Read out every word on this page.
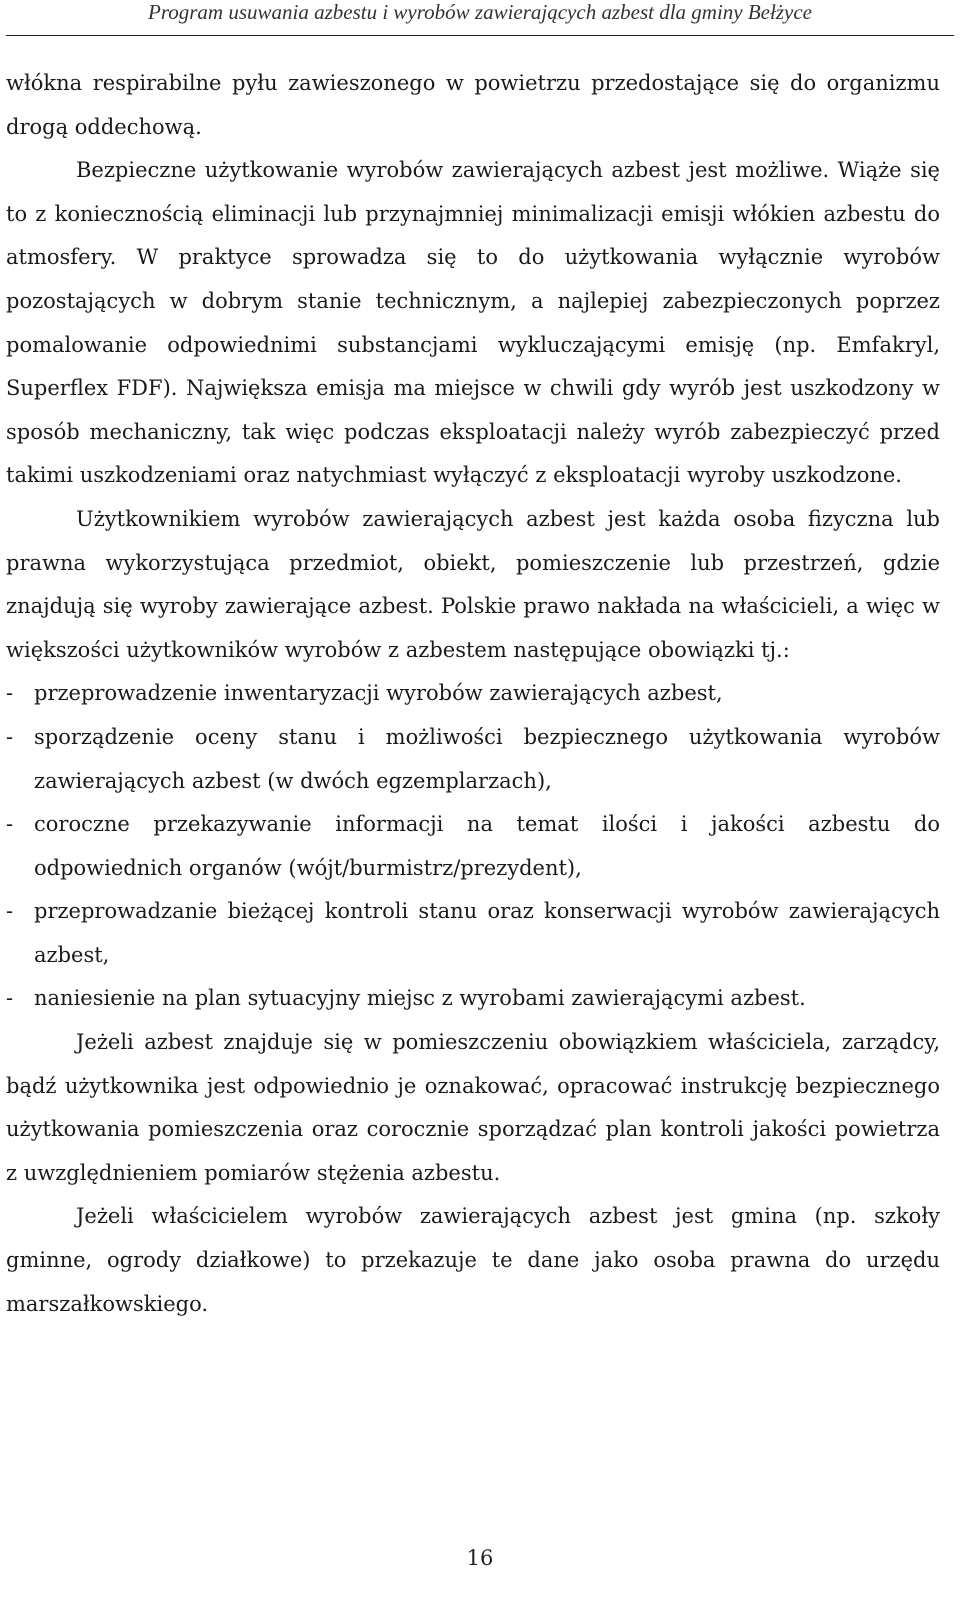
Program usuwania azbestu i wyrobów zawierających azbest dla gminy Bełżyce

włókna respirabilne pyłu zawieszonego w powietrzu przedostające się do organizmu drogą oddechową.

Bezpieczne użytkowanie wyrobów zawierających azbest jest możliwe. Wiąże się to z koniecznością eliminacji lub przynajmniej minimalizacji emisji włókien azbestu do atmosfery. W praktyce sprowadza się to do użytkowania wyłącznie wyrobów pozostających w dobrym stanie technicznym, a najlepiej zabezpieczonych poprzez pomalowanie odpowiednimi substancjami wykluczającymi emisję (np. Emfakryl, Superflex FDF). Największa emisja ma miejsce w chwili gdy wyrób jest uszkodzony w sposób mechaniczny, tak więc podczas eksploatacji należy wyrób zabezpieczyć przed takimi uszkodzeniami oraz natychmiast wyłączyć z eksploatacji wyroby uszkodzone.

Użytkownikiem wyrobów zawierających azbest jest każda osoba fizyczna lub prawna wykorzystująca przedmiot, obiekt, pomieszczenie lub przestrzeń, gdzie znajdują się wyroby zawierające azbest. Polskie prawo nakłada na właścicieli, a więc w większości użytkowników wyrobów z azbestem następujące obowiązki tj.:

- przeprowadzenie inwentaryzacji wyrobów zawierających azbest,
- sporządzenie oceny stanu i możliwości bezpiecznego użytkowania wyrobów zawierających azbest (w dwóch egzemplarzach),
- coroczne przekazywanie informacji na temat ilości i jakości azbestu do odpowiednich organów (wójt/burmistrz/prezydent),
- przeprowadzanie bieżącej kontroli stanu oraz konserwacji wyrobów zawierających azbest,
- naniesienie na plan sytuacyjny miejsc z wyrobami zawierającymi azbest.

Jeżeli azbest znajduje się w pomieszczeniu obowiązkiem właściciela, zarządcy, bądź użytkownika jest odpowiednio je oznakować, opracować instrukcję bezpiecznego użytkowania pomieszczenia oraz corocznie sporządzać plan kontroli jakości powietrza z uwzględnieniem pomiarów stężenia azbestu.

Jeżeli właścicielem wyrobów zawierających azbest jest gmina (np. szkoły gminne, ogrody działkowe) to przekazuje te dane jako osoba prawna do urzędu marszałkowskiego.

16
